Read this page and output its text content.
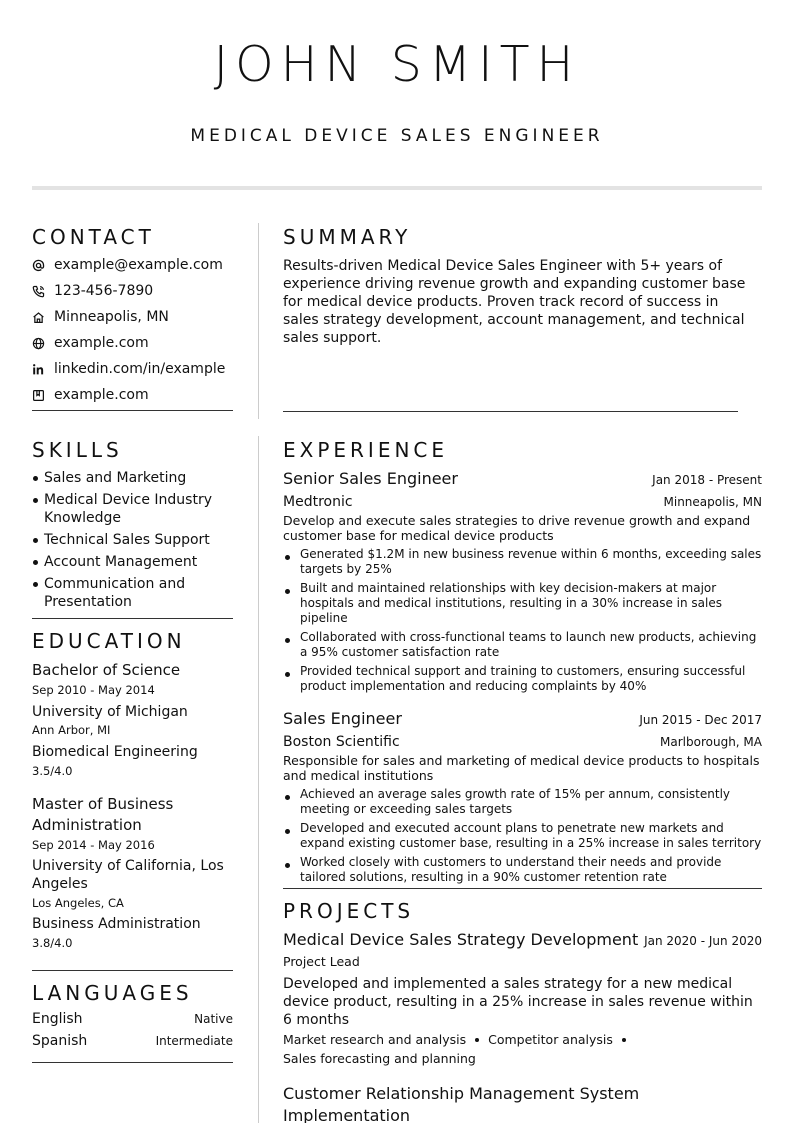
JOHN SMITH
MEDICAL DEVICE SALES ENGINEER
CONTACT
example@example.com
123-456-7890
Minneapolis, MN
example.com
linkedin.com/in/example
example.com
SUMMARY

Results-driven Medical Device Sales Engineer with 5+ years of experience driving revenue growth and expanding customer base for medical device products. Proven track record of success in sales strategy development, account management, and technical sales support.

SKILLS
Sales and Marketing
Medical Device Industry Knowledge
Technical Sales Support
Account Management
Communication and Presentation
EDUCATION
Bachelor of Science
Sep 2010 - May 2014
University of Michigan
Ann Arbor, MI
Biomedical Engineering
3.5/4.0
Master of Business Administration
Sep 2014 - May 2016
University of California, Los Angeles
Los Angeles, CA
Business Administration
3.8/4.0
LANGUAGES
English	Native
Spanish	Intermediate
EXPERIENCE
Senior Sales Engineer	Jan 2018 - Present
Medtronic	Minneapolis, MN
Develop and execute sales strategies to drive revenue growth and expand customer base for medical device products
Generated $1.2M in new business revenue within 6 months, exceeding sales targets by 25%
Built and maintained relationships with key decision-makers at major hospitals and medical institutions, resulting in a 30% increase in sales pipeline
Collaborated with cross-functional teams to launch new products, achieving a 95% customer satisfaction rate
Provided technical support and training to customers, ensuring successful product implementation and reducing complaints by 40%
Sales Engineer	Jun 2015 - Dec 2017
Boston Scientific	Marlborough, MA
Responsible for sales and marketing of medical device products to hospitals and medical institutions
Achieved an average sales growth rate of 15% per annum, consistently meeting or exceeding sales targets
Developed and executed account plans to penetrate new markets and expand existing customer base, resulting in a 25% increase in sales territory
Worked closely with customers to understand their needs and provide tailored solutions, resulting in a 90% customer retention rate
PROJECTS
Medical Device Sales Strategy Development Jan 2020 - Jun 2020
Project Lead
Developed and implemented a sales strategy for a new medical device product, resulting in a 25% increase in sales revenue within 6 months
Market research and analysis Competitor analysis
Sales forecasting and planning
Customer Relationship Management System Implementation
